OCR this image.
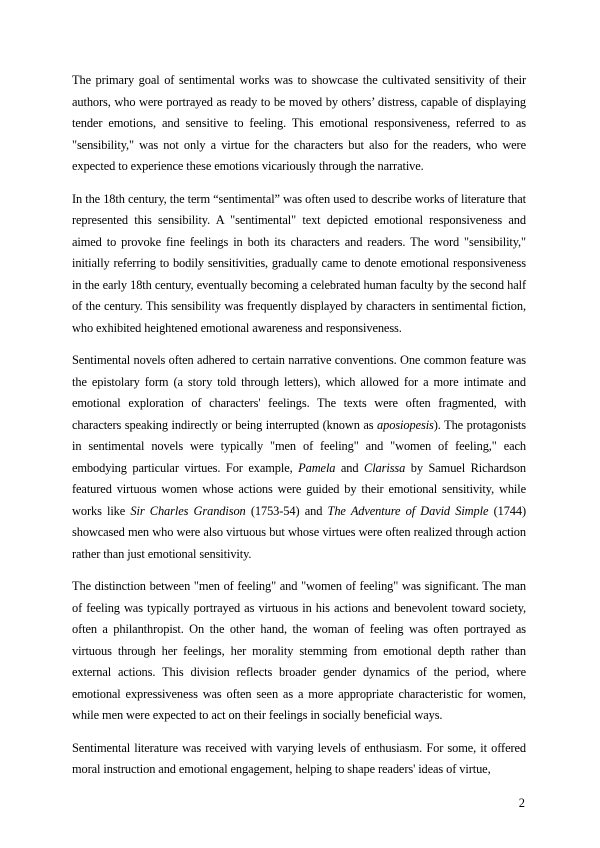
The primary goal of sentimental works was to showcase the cultivated sensitivity of their authors, who were portrayed as ready to be moved by others’ distress, capable of displaying tender emotions, and sensitive to feeling. This emotional responsiveness, referred to as "sensibility," was not only a virtue for the characters but also for the readers, who were expected to experience these emotions vicariously through the narrative.

In the 18th century, the term “sentimental” was often used to describe works of literature that represented this sensibility. A "sentimental" text depicted emotional responsiveness and aimed to provoke fine feelings in both its characters and readers. The word "sensibility," initially referring to bodily sensitivities, gradually came to denote emotional responsiveness in the early 18th century, eventually becoming a celebrated human faculty by the second half of the century. This sensibility was frequently displayed by characters in sentimental fiction, who exhibited heightened emotional awareness and responsiveness.

Sentimental novels often adhered to certain narrative conventions. One common feature was the epistolary form (a story told through letters), which allowed for a more intimate and emotional exploration of characters' feelings. The texts were often fragmented, with characters speaking indirectly or being interrupted (known as aposiopesis). The protagonists in sentimental novels were typically "men of feeling" and "women of feeling," each embodying particular virtues. For example, Pamela and Clarissa by Samuel Richardson featured virtuous women whose actions were guided by their emotional sensitivity, while works like Sir Charles Grandison (1753-54) and The Adventure of David Simple (1744) showcased men who were also virtuous but whose virtues were often realized through action rather than just emotional sensitivity.

The distinction between "men of feeling" and "women of feeling" was significant. The man of feeling was typically portrayed as virtuous in his actions and benevolent toward society, often a philanthropist. On the other hand, the woman of feeling was often portrayed as virtuous through her feelings, her morality stemming from emotional depth rather than external actions. This division reflects broader gender dynamics of the period, where emotional expressiveness was often seen as a more appropriate characteristic for women, while men were expected to act on their feelings in socially beneficial ways.

Sentimental literature was received with varying levels of enthusiasm. For some, it offered moral instruction and emotional engagement, helping to shape readers' ideas of virtue,

2
